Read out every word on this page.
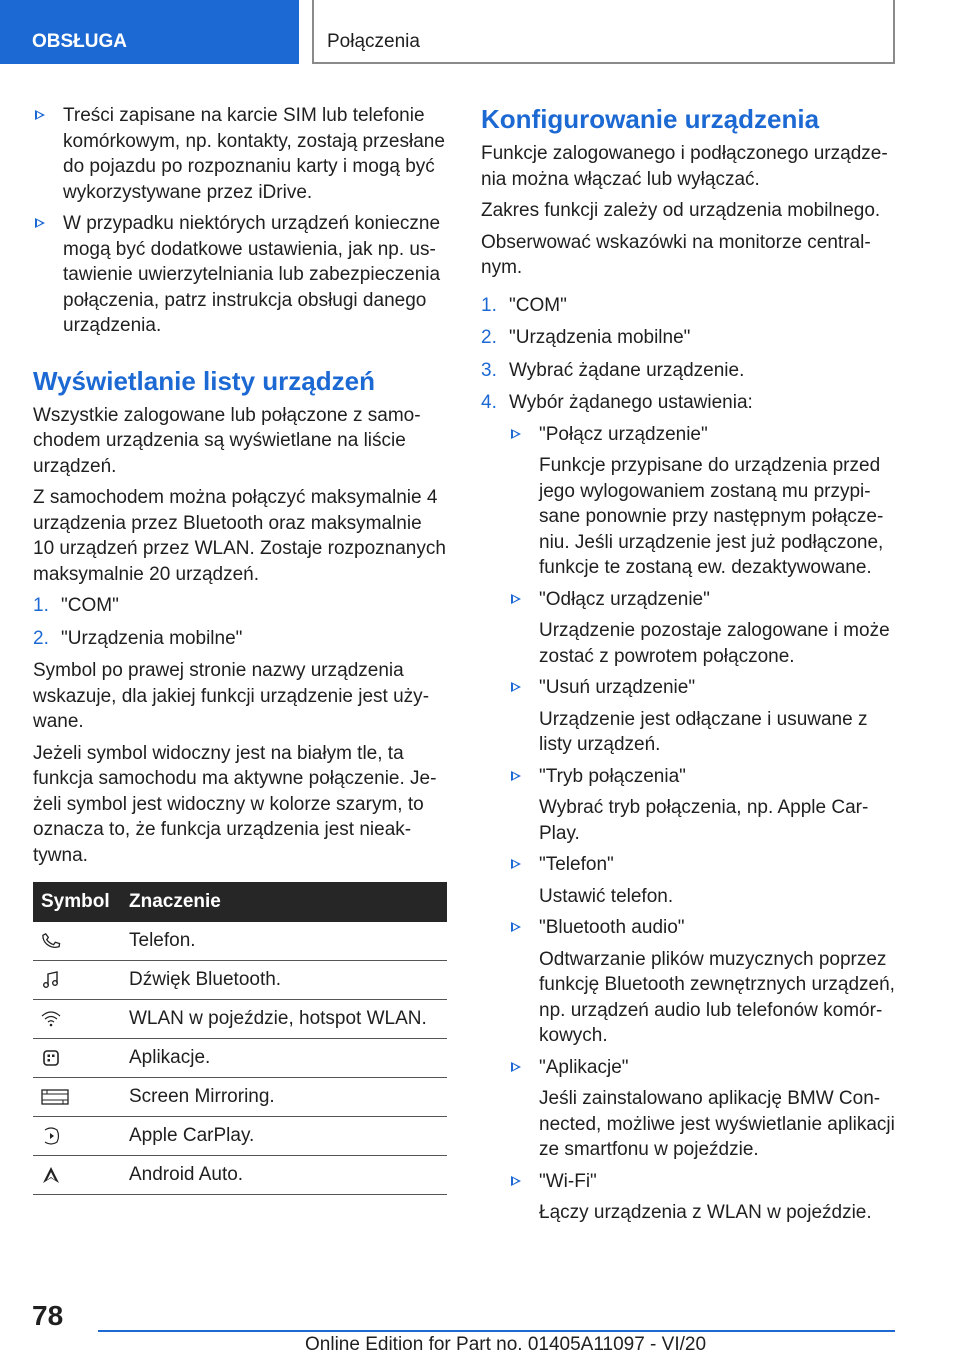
OBSŁUGA	Połączenia
Treści zapisane na karcie SIM lub telefonie komórkowym, np. kontakty, zostają przesłane do pojazdu po rozpoznaniu karty i mogą być wykorzystywane przez iDrive.
W przypadku niektórych urządzeń konieczne mogą być dodatkowe ustawienia, jak np. ustawienie uwierzytelniania lub zabezpieczenia połączenia, patrz instrukcja obsługi danego urządzenia.
Wyświetlanie listy urządzeń

Wszystkie zalogowane lub połączone z samochodem urządzenia są wyświetlane na liście urządzeń.

Z samochodem można połączyć maksymalnie 4 urządzenia przez Bluetooth oraz maksymalnie 10 urządzeń przez WLAN. Zostaje rozpoznanych maksymalnie 20 urządzeń.

1. "COM"
2. "Urządzenia mobilne"

Symbol po prawej stronie nazwy urządzenia wskazuje, dla jakiej funkcji urządzenie jest używane.

Jeżeli symbol widoczny jest na białym tle, ta funkcja samochodu ma aktywne połączenie. Jeżeli symbol jest widoczny w kolorze szarym, to oznacza to, że funkcja urządzenia jest nieaktywna.

Symbol	Znaczenie

	Telefon.

	Dźwięk Bluetooth.

	WLAN w pojeździe, hotspot WLAN.

	Aplikacje.

	Screen Mirroring.

	Apple CarPlay.

	Android Auto.
Konfigurowanie urządzenia

Funkcje zalogowanego i podłączonego urządzenia można włączać lub wyłączać.

Zakres funkcji zależy od urządzenia mobilnego.

Obserwować wskazówki na monitorze centralnym.

1. "COM"
2. "Urządzenia mobilne"
3. Wybrać żądane urządzenie.
4. Wybór żądanego ustawienia:
"Połącz urządzenie"
Funkcje przypisane do urządzenia przed jego wylogowaniem zostaną mu przypisane ponownie przy następnym połączeniu. Jeśli urządzenie jest już podłączone, funkcje te zostaną ew. dezaktywowane.
"Odłącz urządzenie"
Urządzenie pozostaje zalogowane i może zostać z powrotem połączone.
"Usuń urządzenie"
Urządzenie jest odłączane i usuwane z listy urządzeń.
"Tryb połączenia"
Wybrać tryb połączenia, np. Apple CarPlay.
"Telefon"
Ustawić telefon.
"Bluetooth audio"
Odtwarzanie plików muzycznych poprzez funkcję Bluetooth zewnętrznych urządzeń, np. urządzeń audio lub telefonów komórkowych.
"Aplikacje"
Jeśli zainstalowano aplikację BMW Connected, możliwe jest wyświetlanie aplikacji ze smartfonu w pojeździe.
"Wi-Fi"
Łączy urządzenia z WLAN w pojeździe.
78
Online Edition for Part no. 01405A11097 - VI/20
